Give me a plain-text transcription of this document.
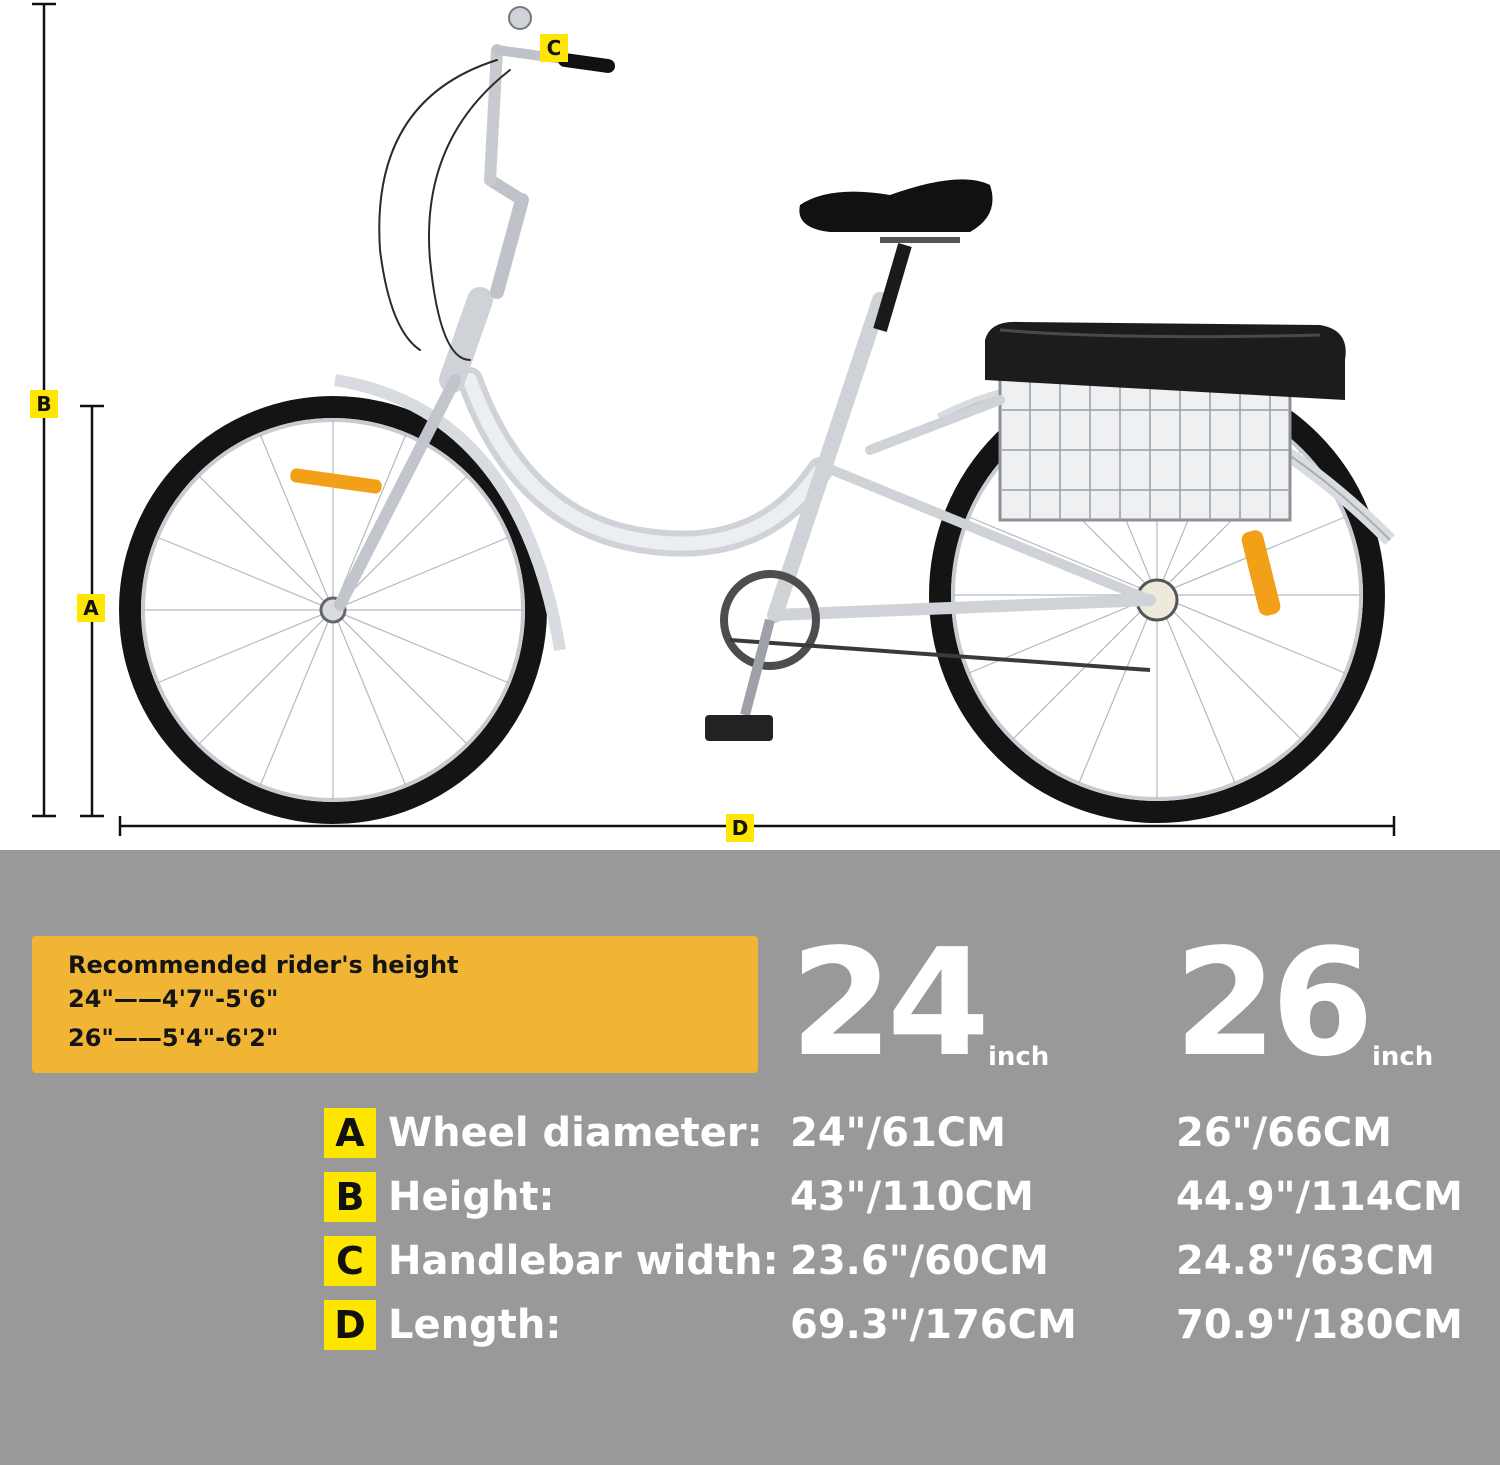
B
A
C
D
Recommended rider's height
24"——4'7"-5'6"
26"——5'4"-6'2"	24 inch 26 inch
A Wheel diameter: 24"/61CM	26"/66CM
B Height:	43"/110CM	44.9"/114CM
C Handlebar width: 23.6"/60CM	24.8"/63CM
D Length:	69.3"/176CM 70.9"/180CM
